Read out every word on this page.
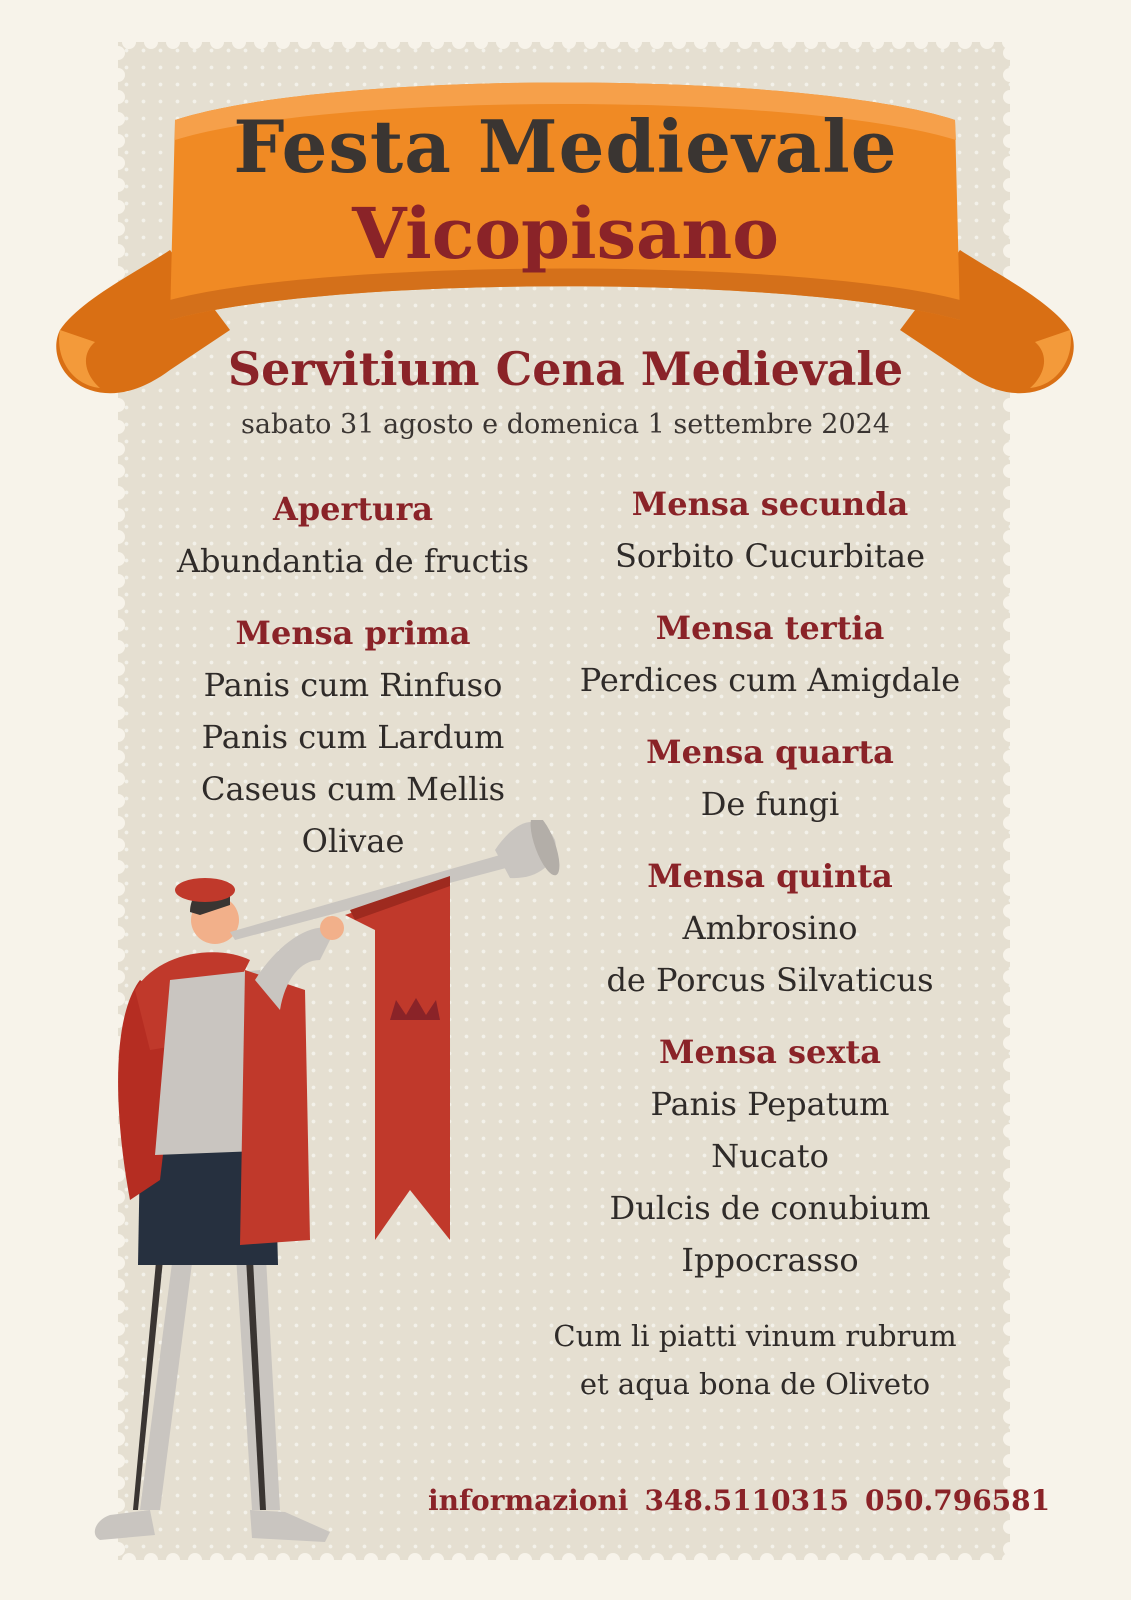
Festa Medievale
Vicopisano
Servitium Cena Medievale
sabato 31 agosto e domenica 1 settembre 2024
Apertura
Abundantia de fructis
Mensa prima
Panis cum Rinfuso
Panis cum Lardum
Caseus cum Mellis
Olivae
Mensa secunda
Sorbito Cucurbitae
Mensa tertia
Perdices cum Amigdale
Mensa quarta
De fungi
Mensa quinta
Ambrosino
de Porcus Silvaticus
Mensa sexta
Panis Pepatum
Nucato
Dulcis de conubium
Ippocrasso
Cum li piatti vinum rubrum
et aqua bona de Oliveto
informazioni 348.5110315 050.796581
